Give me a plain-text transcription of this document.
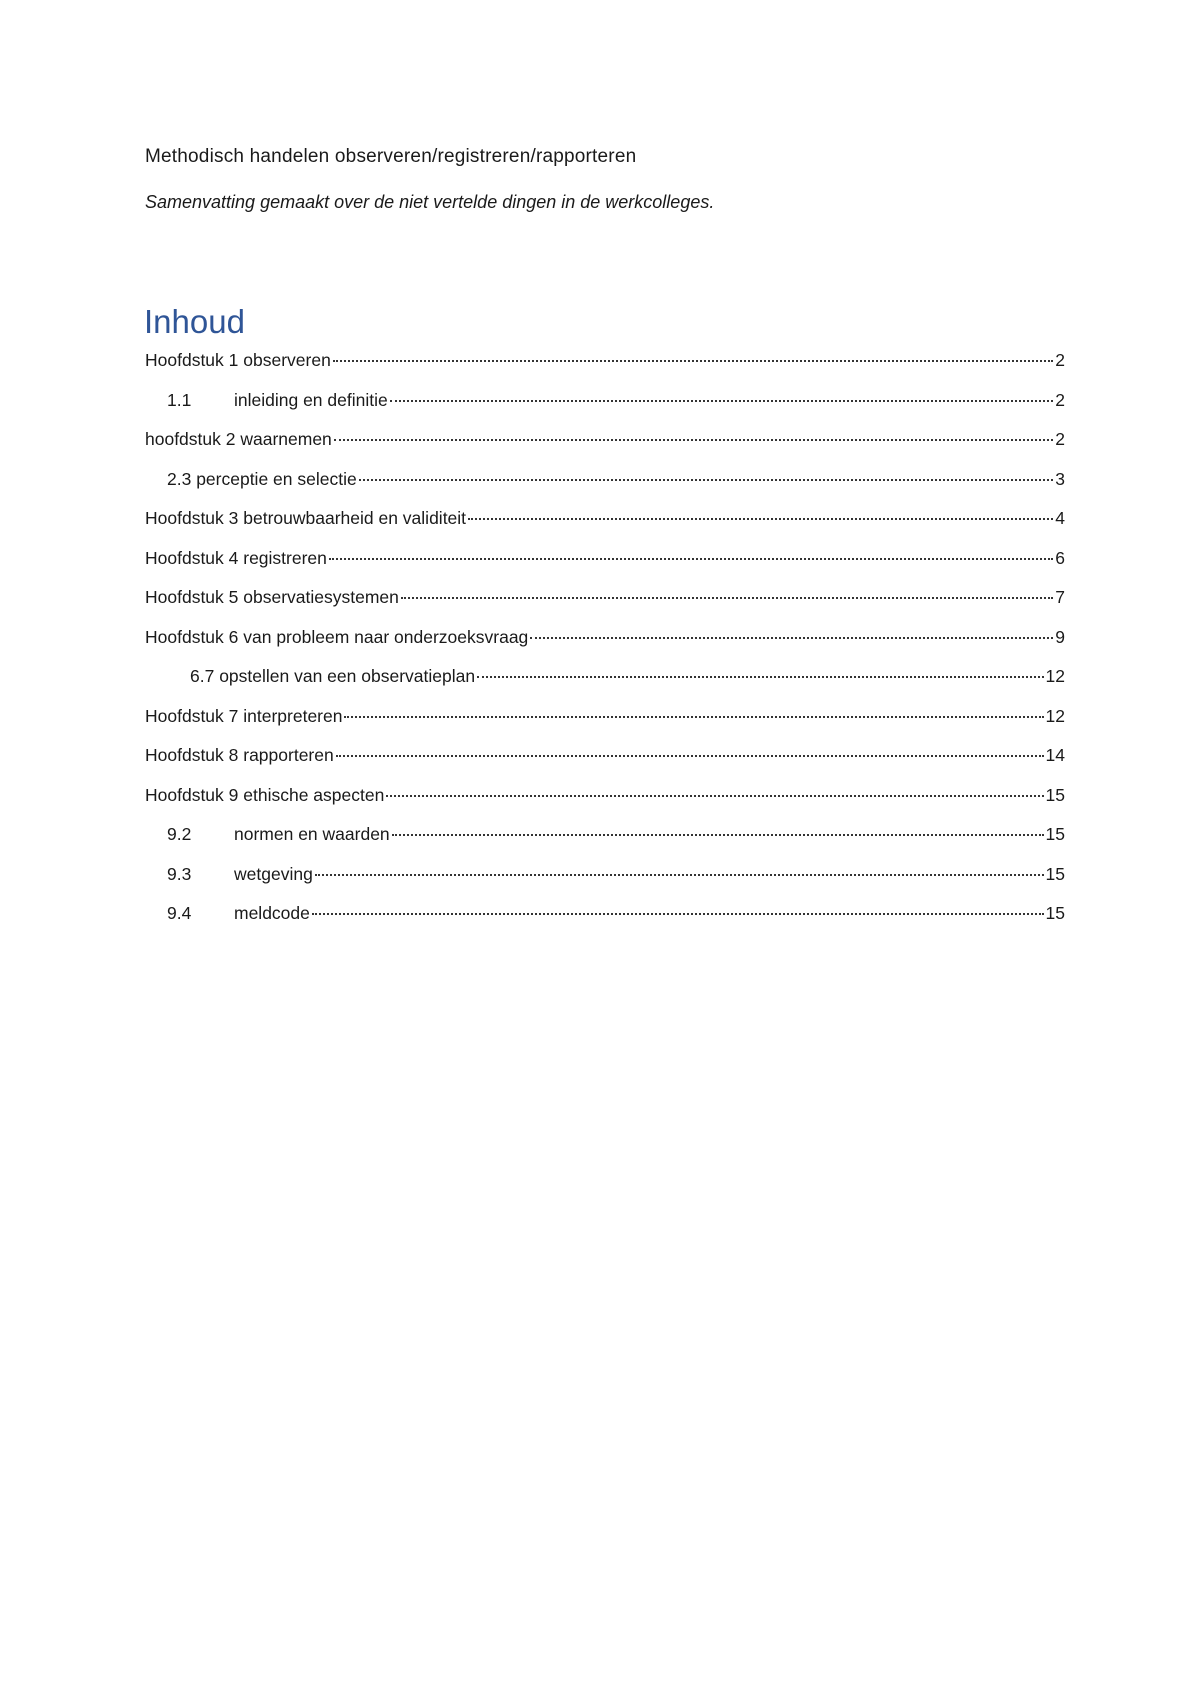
Methodisch handelen observeren/registreren/rapporteren
Samenvatting gemaakt over de niet vertelde dingen in de werkcolleges.
Inhoud
Hoofdstuk 1 observeren	2
1.1	inleiding en definitie	2
hoofdstuk 2 waarnemen	2
2.3 perceptie en selectie	3
Hoofdstuk 3 betrouwbaarheid en validiteit	4
Hoofdstuk 4 registreren	6
Hoofdstuk 5 observatiesystemen	7
Hoofdstuk 6 van probleem naar onderzoeksvraag	9
6.7 opstellen van een observatieplan	12
Hoofdstuk 7 interpreteren	12
Hoofdstuk 8 rapporteren	14
Hoofdstuk 9 ethische aspecten	15
9.2	normen en waarden	15
9.3	wetgeving	15
9.4	meldcode	15
